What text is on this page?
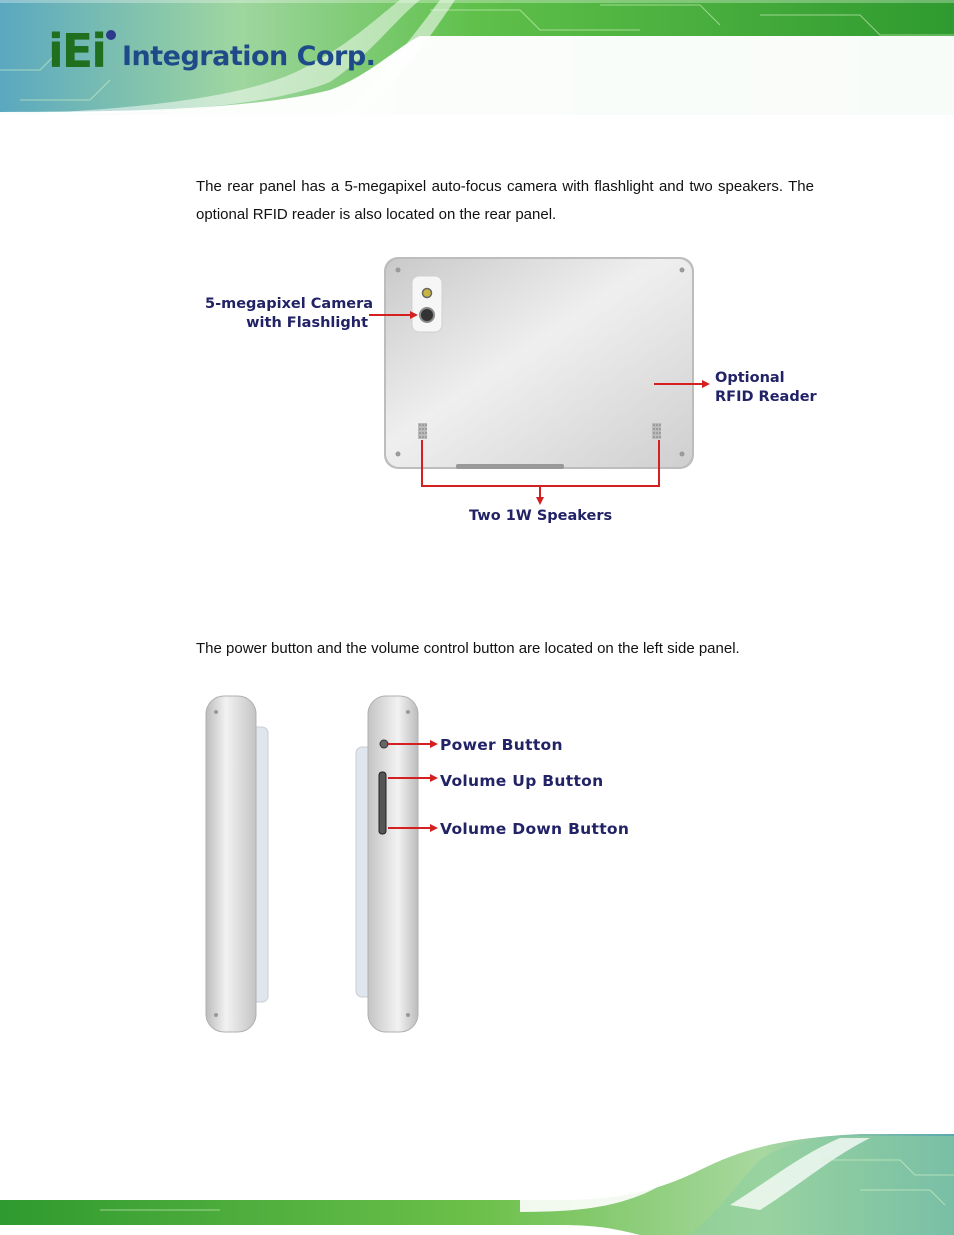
iEi Integration Corp.
The rear panel has a 5-megapixel auto-focus camera with flashlight and two speakers. The optional RFID reader is also located on the rear panel.
5-megapixel Camera
with Flashlight
Optional
RFID Reader
Two 1W Speakers
The power button and the volume control button are located on the left side panel.
Power Button
Volume Up Button
Volume Down Button
